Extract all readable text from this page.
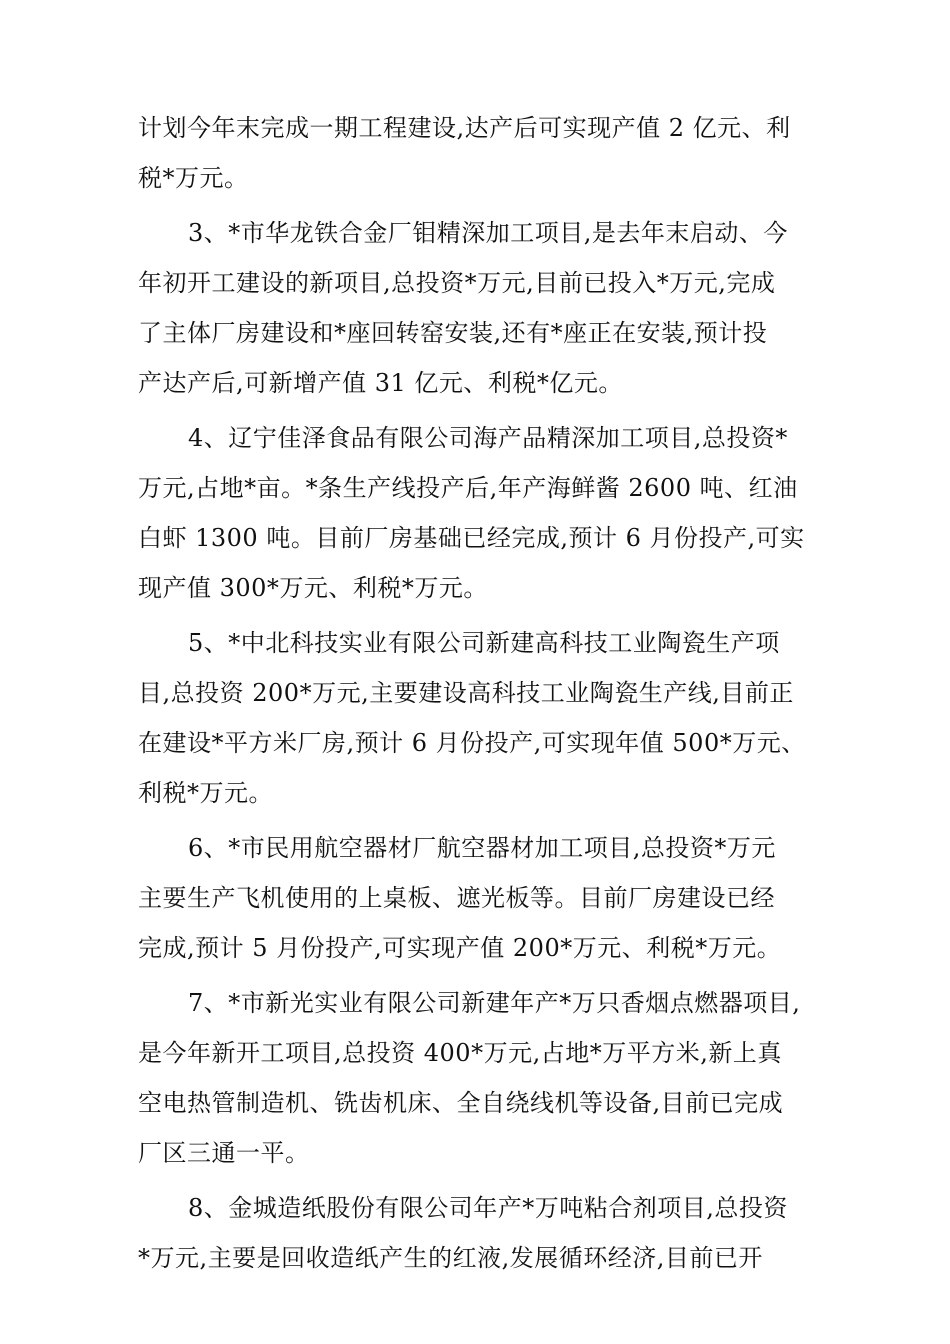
计划今年末完成一期工程建设,达产后可实现产值 2 亿元、利
税*万元。
3、*市华龙铁合金厂钼精深加工项目,是去年末启动、今
年初开工建设的新项目,总投资*万元,目前已投入*万元,完成
了主体厂房建设和*座回转窑安装,还有*座正在安装,预计投
产达产后,可新增产值 31 亿元、利税*亿元。
4、辽宁佳泽食品有限公司海产品精深加工项目,总投资*
万元,占地*亩。*条生产线投产后,年产海鲜酱 2600 吨、红油
白虾 1300 吨。目前厂房基础已经完成,预计 6 月份投产,可实
现产值 300*万元、利税*万元。
5、*中北科技实业有限公司新建高科技工业陶瓷生产项
目,总投资 200*万元,主要建设高科技工业陶瓷生产线,目前正
在建设*平方米厂房,预计 6 月份投产,可实现年值 500*万元、
利税*万元。
6、*市民用航空器材厂航空器材加工项目,总投资*万元
主要生产飞机使用的上桌板、遮光板等。目前厂房建设已经
完成,预计 5 月份投产,可实现产值 200*万元、利税*万元。
7、*市新光实业有限公司新建年产*万只香烟点燃器项目,
是今年新开工项目,总投资 400*万元,占地*万平方米,新上真
空电热管制造机、铣齿机床、全自绕线机等设备,目前已完成
厂区三通一平。
8、金城造纸股份有限公司年产*万吨粘合剂项目,总投资
*万元,主要是回收造纸产生的红液,发展循环经济,目前已开
